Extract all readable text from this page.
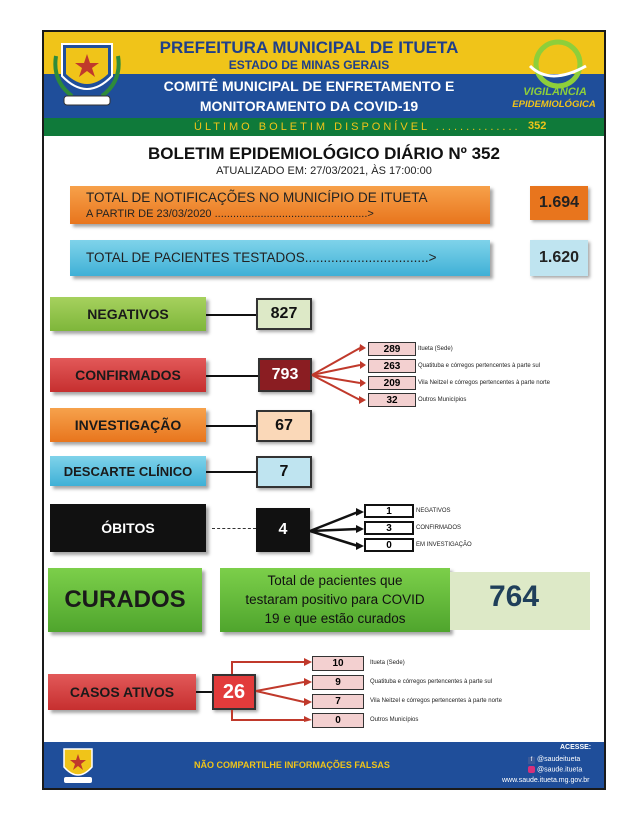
PREFEITURA MUNICIPAL DE ITUETA
ESTADO DE MINAS GERAIS
COMITÊ MUNICIPAL DE ENFRETAMENTO E
MONITORAMENTO DA COVID-19
VIGILÂNCIA
EPIDEMIOLÓGICA
ÚLTIMO BOLETIM DISPONÍVEL .............. 352
BOLETIM EPIDEMIOLÓGICO DIÁRIO Nº 352
ATUALIZADO EM: 27/03/2021, ÀS 17:00:00
TOTAL DE NOTIFICAÇÕES NO MUNICÍPIO DE ITUETA
A PARTIR DE 23/03/2020 ..................................................>
1.694
TOTAL DE PACIENTES TESTADOS.................................>	1.620
NEGATIVOS	827
CONFIRMADOS	793
289	Itueta (Sede)
263	Quatituba e córregos pertencentes à parte sul
209	Vila Neitzel e córregos pertencentes à parte norte
32	Outros Municípios
INVESTIGAÇÃO	67
DESCARTE CLÍNICO	7
ÓBITOS	4
1	NEGATIVOS
3	CONFIRMADOS
0	EM INVESTIGAÇÃO
CURADOS
Total de pacientes que
testaram positivo para COVID
19 e que estão curados
764
CASOS ATIVOS	26
10	Itueta (Sede)
9	Quatituba e córregos pertencentes à parte sul
7	Vila Neitzel e córregos pertencentes à parte norte
0	Outros Municípios
NÃO COMPARTILHE INFORMAÇÕES FALSAS
ACESSE:
f @saudeitueta
@saude.itueta
www.saude.itueta.mg.gov.br
